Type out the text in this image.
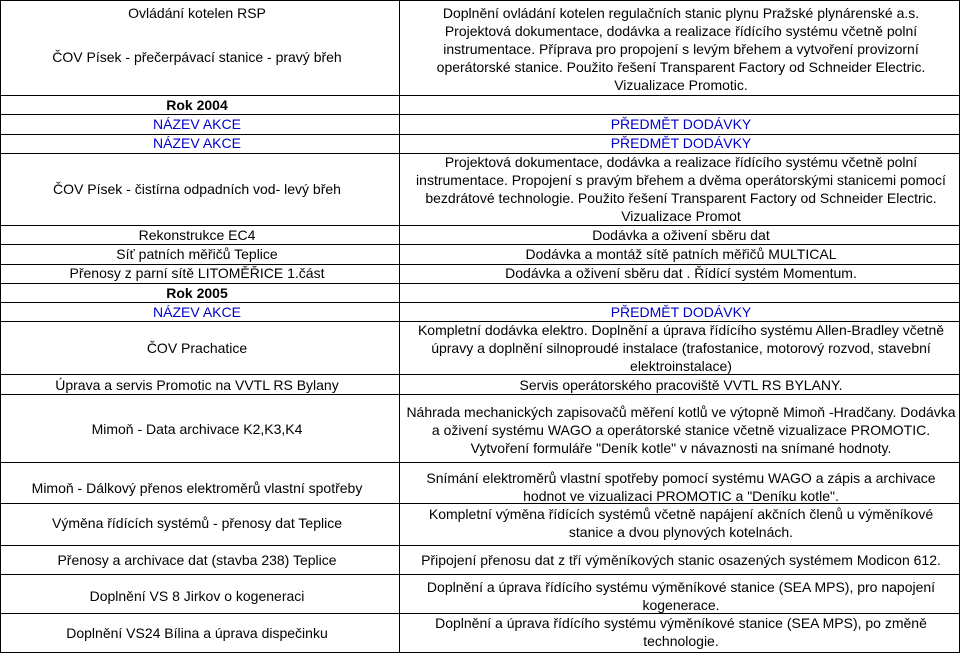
Ovládání kotelen RSP
ČOV Písek - přečerpávací stanice - pravý břeh
Rok 2004
NÁZEV AKCE
NÁZEV AKCE
ČOV Písek - čistírna odpadních vod- levý břeh
Rekonstrukce EC4
Síť patních měřičů Teplice
Přenosy z parní sítě LITOMĚŘICE 1.část
Rok 2005
NÁZEV AKCE
ČOV Prachatice
Úprava a servis Promotic na VVTL RS Bylany
Mimoň - Data archivace K2,K3,K4
Mimoň - Dálkový přenos elektroměrů vlastní spotřeby
Výměna řídících systémů - přenosy dat Teplice
Přenosy a archivace dat (stavba 238) Teplice
Doplnění VS 8 Jirkov o kogeneraci
Doplnění VS24 Bílina a úprava dispečinku
Doplnění ovládání kotelen regulačních stanic plynu Pražské plynárenské a.s.
Projektová dokumentace, dodávka a realizace řídícího systému včetně polní instrumentace. Příprava pro propojení s levým břehem a vytvoření provizorní operátorské stanice. Použito řešení Transparent Factory od Schneider Electric. Vizualizace Promotic.
PŘEDMĚT DODÁVKY
PŘEDMĚT DODÁVKY
Projektová dokumentace, dodávka a realizace řídícího systému včetně polní instrumentace. Propojení s pravým břehem a dvěma operátorskými stanicemi pomocí bezdrátové technologie. Použito řešení Transparent Factory od Schneider Electric. Vizualizace Promot
Dodávka a oživení sběru dat
Dodávka a montáž sítě patních měřičů MULTICAL
Dodávka a oživení sběru dat . Řídící systém Momentum.
PŘEDMĚT DODÁVKY
Kompletní dodávka elektro. Doplnění a úprava řídícího systému Allen-Bradley včetně úpravy a doplnění silnoproudé instalace (trafostanice, motorový rozvod, stavební elektroinstalace)
Servis operátorského pracoviště VVTL RS BYLANY.
Náhrada mechanických zapisovačů měření kotlů ve výtopně Mimoň -Hradčany. Dodávka a oživení systému WAGO a operátorské stanice včetně vizualizace PROMOTIC. Vytvoření formuláře "Deník kotle" v návaznosti na snímané hodnoty.
Snímání elektroměrů vlastní spotřeby pomocí systému WAGO a zápis a archivace hodnot ve vizualizaci PROMOTIC a "Deníku kotle".
Kompletní výměna řídících systémů včetně napájení akčních členů u výměníkové stanice a dvou plynových kotelnách.
Připojení přenosu dat z tří výměníkových stanic osazených systémem Modicon 612.
Doplnění a úprava řídícího systému výměníkové stanice (SEA MPS), pro napojení kogenerace.
Doplnění a úprava řídícího systému výměníkové stanice (SEA MPS), po změně technologie.
